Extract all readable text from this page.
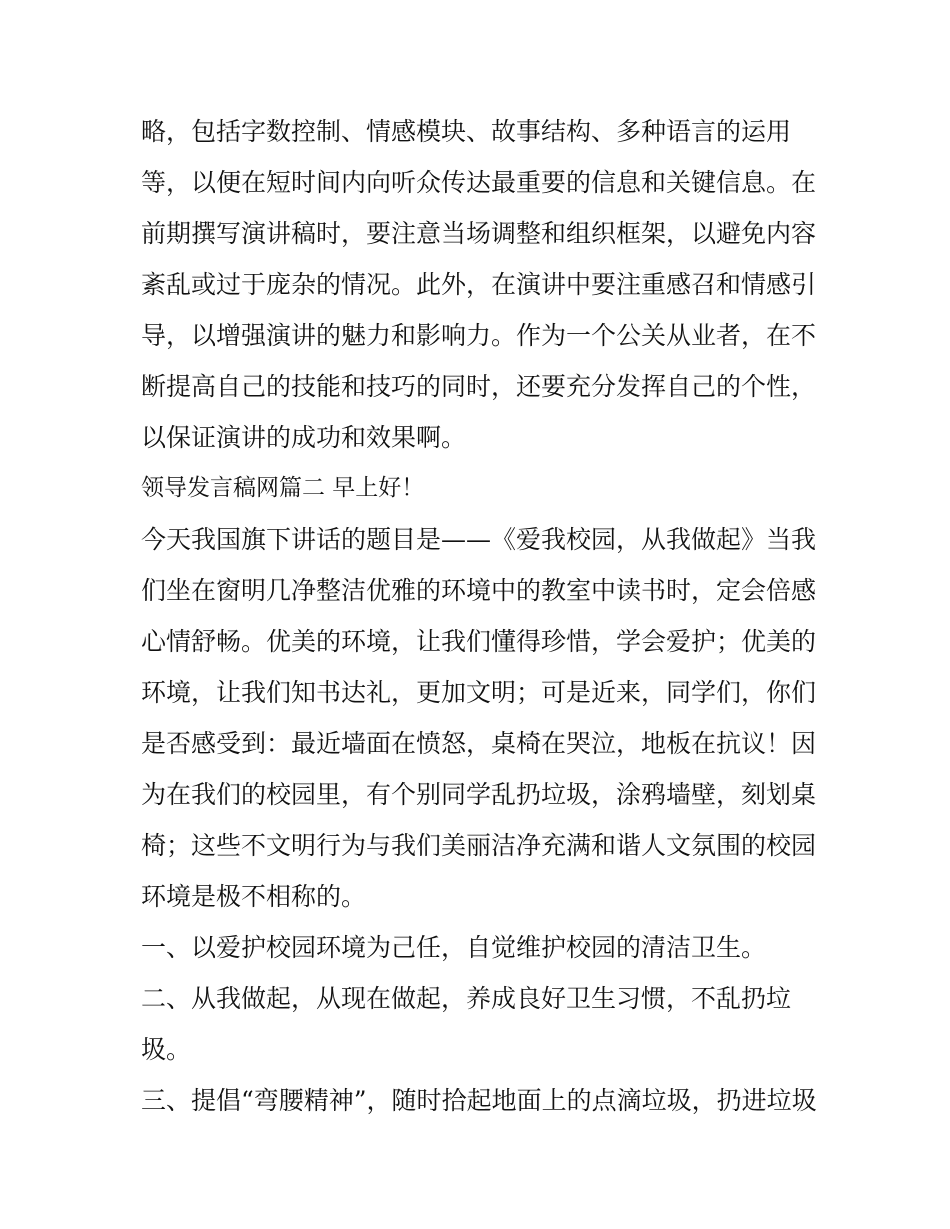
略，包括字数控制、情感模块、故事结构、多种语言的运用
等，以便在短时间内向听众传达最重要的信息和关键信息。在
前期撰写演讲稿时，要注意当场调整和组织框架，以避免内容
紊乱或过于庞杂的情况。此外，在演讲中要注重感召和情感引
导，以增强演讲的魅力和影响力。作为一个公关从业者，在不
断提高自己的技能和技巧的同时，还要充分发挥自己的个性，
以保证演讲的成功和效果啊。
领导发言稿网篇二 早上好！
今天我国旗下讲话的题目是——《爱我校园，从我做起》当我
们坐在窗明几净整洁优雅的环境中的教室中读书时，定会倍感
心情舒畅。优美的环境，让我们懂得珍惜，学会爱护；优美的
环境，让我们知书达礼，更加文明；可是近来，同学们，你们
是否感受到：最近墙面在愤怒，桌椅在哭泣，地板在抗议！因
为在我们的校园里，有个别同学乱扔垃圾，涂鸦墙壁，刻划桌
椅；这些不文明行为与我们美丽洁净充满和谐人文氛围的校园
环境是极不相称的。
一、以爱护校园环境为己任，自觉维护校园的清洁卫生。
二、从我做起，从现在做起，养成良好卫生习惯，不乱扔垃
圾。
三、提倡“弯腰精神”，随时拾起地面上的点滴垃圾，扔进垃圾
